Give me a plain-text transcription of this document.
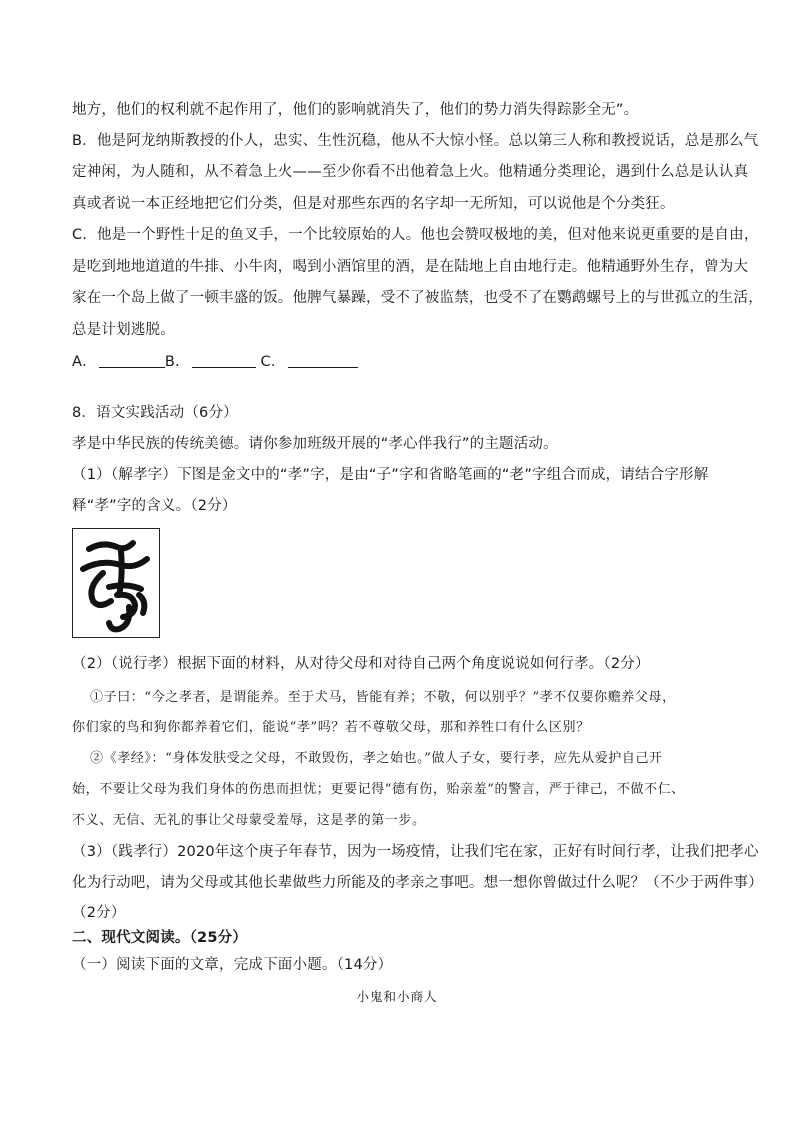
地方，他们的权利就不起作用了，他们的影响就消失了，他们的势力消失得踪影全无”。
B．他是阿龙纳斯教授的仆人，忠实、生性沉稳，他从不大惊小怪。总以第三人称和教授说话，总是那么气
定神闲，为人随和，从不着急上火——至少你看不出他着急上火。他精通分类理论，遇到什么总是认认真
真或者说一本正经地把它们分类，但是对那些东西的名字却一无所知，可以说他是个分类狂。
C．他是一个野性十足的鱼叉手，一个比较原始的人。他也会赞叹极地的美，但对他来说更重要的是自由，
是吃到地地道道的牛排、小牛肉，喝到小酒馆里的酒，是在陆地上自由地行走。他精通野外生存，曾为大
家在一个岛上做了一顿丰盛的饭。他脾气暴躁，受不了被监禁，也受不了在鹦鹉螺号上的与世孤立的生活，
总是计划逃脱。
A．	B．	C．
8．语文实践活动（6分）
孝是中华民族的传统美德。请你参加班级开展的“孝心伴我行”的主题活动。
（1）（解孝字）下图是金文中的“孝”字，是由“子”字和省略笔画的“老”字组合而成，请结合字形解
释“孝”字的含义。（2分）
（2）（说行孝）根据下面的材料，从对待父母和对待自己两个角度说说如何行孝。（2分）
①子曰：“今之孝者，是谓能养。至于犬马，皆能有养；不敬，何以别乎？”孝不仅要你赡养父母，
你们家的鸟和狗你都养着它们，能说“孝”吗？若不尊敬父母，那和养牲口有什么区别？
②《孝经》：“身体发肤受之父母，不敢毁伤，孝之始也。”做人子女，要行孝，应先从爱护自己开
始，不要让父母为我们身体的伤患而担忧；更要记得“德有伤，贻亲羞”的警言，严于律己，不做不仁、
不义、无信、无礼的事让父母蒙受羞辱，这是孝的第一步。
（3）（践孝行）2020年这个庚子年春节，因为一场疫情，让我们宅在家，正好有时间行孝，让我们把孝心
化为行动吧，请为父母或其他长辈做些力所能及的孝亲之事吧。想一想你曾做过什么呢？（不少于两件事）
（2分）
二、现代文阅读。（25分）
（一）阅读下面的文章，完成下面小题。（14分）
小鬼和小商人
